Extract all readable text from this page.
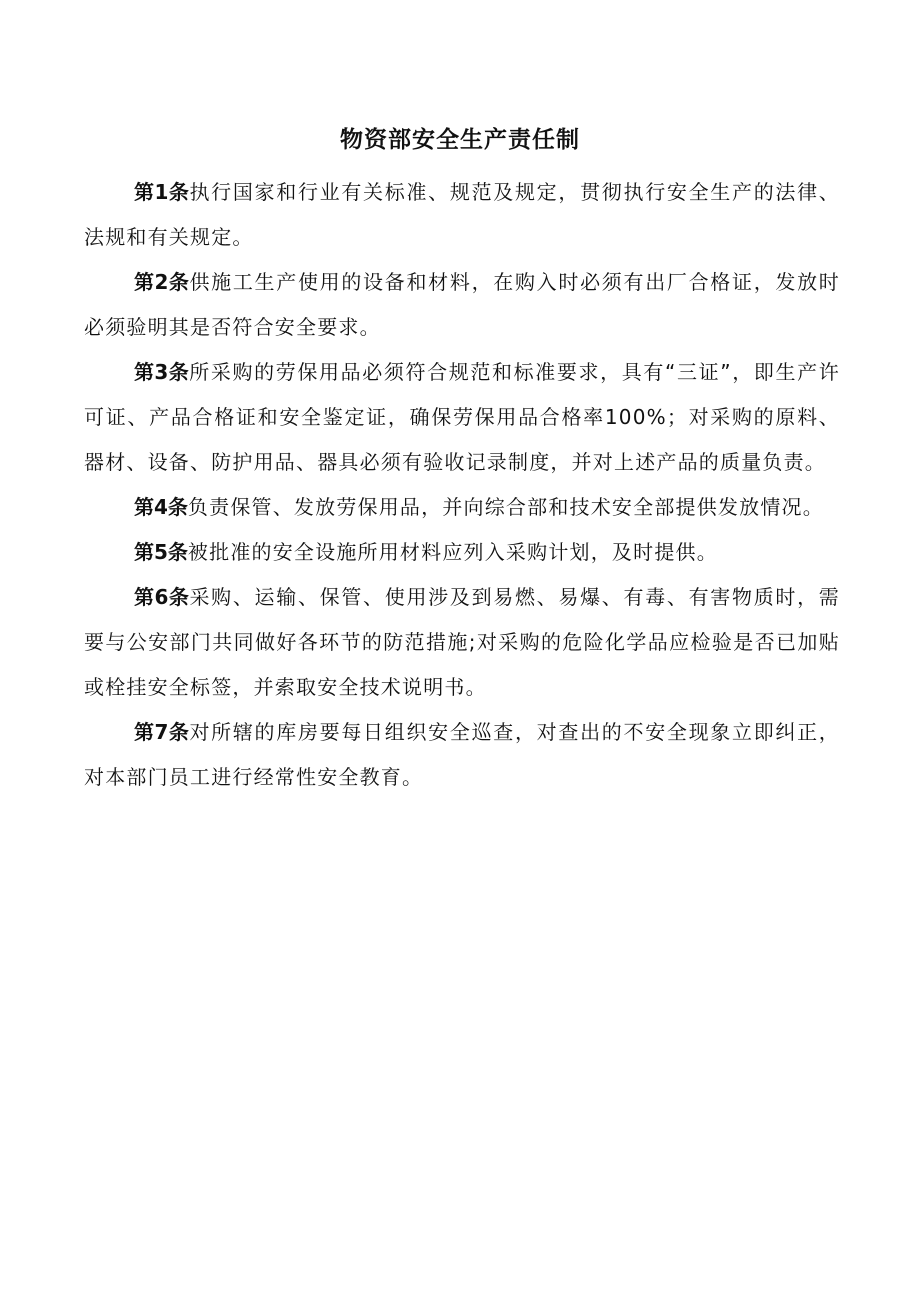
物资部安全生产责任制

第1条执行国家和行业有关标准、规范及规定，贯彻执行安全生产的法律、法规和有关规定。

第2条供施工生产使用的设备和材料，在购入时必须有出厂合格证，发放时必须验明其是否符合安全要求。

第3条所采购的劳保用品必须符合规范和标准要求，具有“三证”，即生产许可证、产品合格证和安全鉴定证，确保劳保用品合格率100%；对采购的原料、器材、设备、防护用品、器具必须有验收记录制度，并对上述产品的质量负责。

第4条负责保管、发放劳保用品，并向综合部和技术安全部提供发放情况。

第5条被批准的安全设施所用材料应列入采购计划，及时提供。

第6条采购、运输、保管、使用涉及到易燃、易爆、有毒、有害物质时，需要与公安部门共同做好各环节的防范措施;对采购的危险化学品应检验是否已加贴或栓挂安全标签，并索取安全技术说明书。

第7条对所辖的库房要每日组织安全巡查，对查出的不安全现象立即纠正，对本部门员工进行经常性安全教育。
